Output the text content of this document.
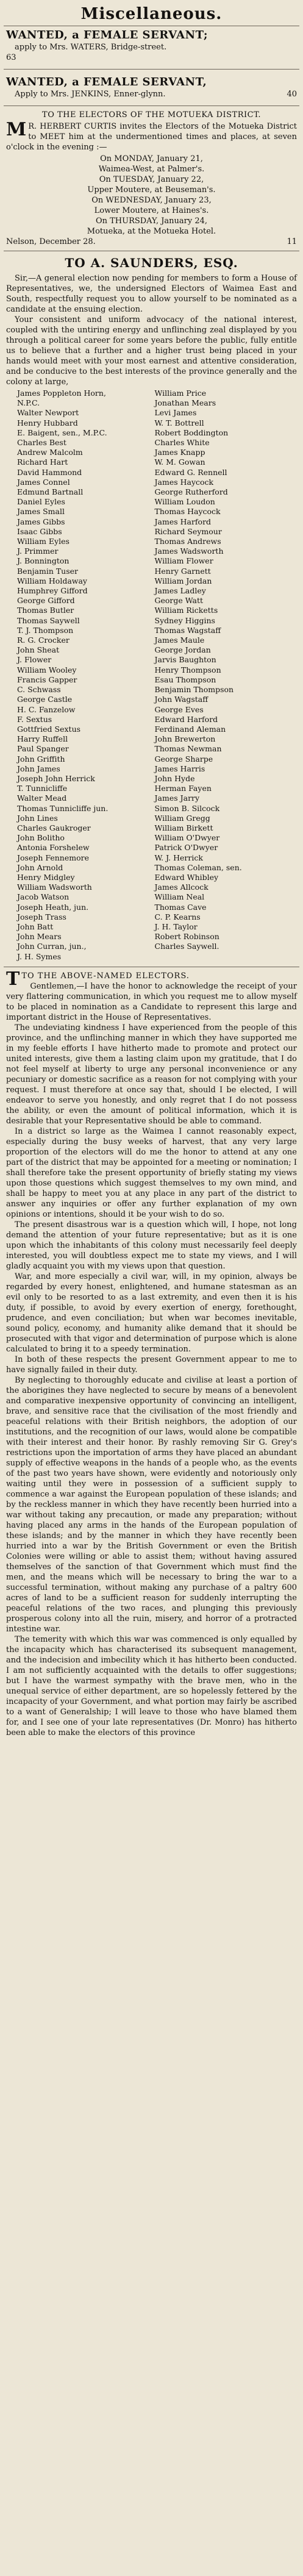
Miscellaneous.
WANTED, a FEMALE SERVANT;
apply to Mrs. WATERS, Bridge-street.
63
WANTED, a FEMALE SERVANT,
Apply to Mrs. JENKINS, Enner-glynn.	40
TO THE ELECTORS OF THE MOTUEKA DISTRICT.
M R. HERBERT CURTIS invites the Electors of the Motueka District to MEET him at the undermentioned times and places, at seven o'clock in the evening :—
On MONDAY, January 21,
Waimea-West, at Palmer's.
On TUESDAY, January 22,
Upper Moutere, at Beuseman's.
On WEDNESDAY, January 23,
Lower Moutere, at Haines's.
On THURSDAY, January 24,
Motueka, at the Motueka Hotel.
Nelson, December 28.	11
TO A. SAUNDERS, ESQ.

Sir,—A general election now pending for members to form a House of Representatives, we, the undersigned Electors of Waimea East and South, respectfully request you to allow yourself to be nominated as a candidate at the ensuing election.

Your consistent and uniform advocacy of the national interest, coupled with the untiring energy and unflinching zeal displayed by you through a political career for some years before the public, fully entitle us to believe that a further and a higher trust being placed in your hands would meet with your most earnest and attentive consideration, and be conducive to the best interests of the province generally and the colony at large,

James Poppleton Horn,
N.P.C.
Walter Newport
Henry Hubbard
E. Baigent, sen., M.P.C.
Charles Best
Andrew Malcolm
Richard Hart
David Hammond
James Connel
Edmund Bartnall
Daniel Eyles
James Small
James Gibbs
Isaac Gibbs
William Eyles
J. Primmer
J. Bonnington
Benjamin Tuser
William Holdaway
Humphrey Gifford
George Gifford
Thomas Butler
Thomas Saywell
T. J. Thompson
R. G. Crocker
John Sheat
J. Flower
William Wooley
Francis Gapper
C. Schwass
George Castle
H. C. Fanzelow
F. Sextus
Gottfried Sextus
Harry Ruffell
Paul Spanger
John Griffith
John James
Joseph John Herrick
T. Tunnicliffe
Walter Mead
Thomas Tunnicliffe jun.
John Lines
Charles Gaukroger
John Bolitho
Antonia Forshelew
Joseph Fennemore
John Arnold
Henry Midgley
William Wadsworth
Jacob Watson
Joseph Heath, jun.
Joseph Trass
John Batt
John Mears
John Curran, jun.,
J. H. Symes
William Price
Jonathan Mears
Levi James
W. T. Bottrell
Robert Boddington
Charles White
James Knapp
W. M. Gowan
Edward G. Rennell
James Haycock
George Rutherford
William Loudon
Thomas Haycock
James Harford
Richard Seymour
Thomas Andrews
James Wadsworth
William Flower
Henry Garnett
William Jordan
James Ladley
George Watt
William Ricketts
Sydney Higgins
Thomas Wagstaff
James Maule
George Jordan
Jarvis Baughton
Henry Thompson
Esau Thompson
Benjamin Thompson
John Wagstaff
George Eves
Edward Harford
Ferdinand Aleman
John Brewerton
Thomas Newman
George Sharpe
James Harris
John Hyde
Herman Fayen
James Jarry
Simon B. Silcock
William Gregg
William Birkett
William O'Dwyer
Patrick O'Dwyer
W. J. Herrick
Thomas Coleman, sen.
Edward Whibley
James Allcock
William Neal
Thomas Cave
C. P. Kearns
J. H. Taylor
Robert Robinson
Charles Saywell.
T TO THE ABOVE-NAMED ELECTORS.

Gentlemen,—I have the honor to acknowledge the receipt of your very flattering communication, in which you request me to allow myself to be placed in nomination as a Candidate to represent this large and important district in the House of Representatives.

The undeviating kindness I have experienced from the people of this province, and the unflinching manner in which they have supported me in my feeble efforts I have hitherto made to promote and protect our united interests, give them a lasting claim upon my gratitude, that I do not feel myself at liberty to urge any personal inconvenience or any pecuniary or domestic sacrifice as a reason for not complying with your request. I must therefore at once say that, should I be elected, I will endeavor to serve you honestly, and only regret that I do not possess the ability, or even the amount of political information, which it is desirable that your Representative should be able to command.

In a district so large as the Waimea I cannot reasonably expect, especially during the busy weeks of harvest, that any very large proportion of the electors will do me the honor to attend at any one part of the district that may be appointed for a meeting or nomination; I shall therefore take the present opportunity of briefly stating my views upon those questions which suggest themselves to my own mind, and shall be happy to meet you at any place in any part of the district to answer any inquiries or offer any further explanation of my own opinions or intentions, should it be your wish to do so.

The present disastrous war is a question which will, I hope, not long demand the attention of your future representative; but as it is one upon which the inhabitants of this colony must necessarily feel deeply interested, you will doubtless expect me to state my views, and I will gladly acquaint you with my views upon that question.

War, and more especially a civil war, will, in my opinion, always be regarded by every honest, enlightened, and humane statesman as an evil only to be resorted to as a last extremity, and even then it is his duty, if possible, to avoid by every exertion of energy, forethought, prudence, and even conciliation; but when war becomes inevitable, sound policy, economy, and humanity alike demand that it should be prosecuted with that vigor and determination of purpose which is alone calculated to bring it to a speedy termination.

In both of these respects the present Government appear to me to have signally failed in their duty.

By neglecting to thoroughly educate and civilise at least a portion of the aborigines they have neglected to secure by means of a benevolent and comparative inexpensive opportunity of convincing an intelligent, brave, and sensitive race that the civilisation of the most friendly and peaceful relations with their British neighbors, the adoption of our institutions, and the recognition of our laws, would alone be compatible with their interest and their honor. By rashly removing Sir G. Grey's restrictions upon the importation of arms they have placed an abundant supply of effective weapons in the hands of a people who, as the events of the past two years have shown, were evidently and notoriously only waiting until they were in possession of a sufficient supply to commence a war against the European population of these islands; and by the reckless manner in which they have recently been hurried into a war without taking any precaution, or made any preparation; without having placed any arms in the hands of the European population of these islands; and by the manner in which they have recently been hurried into a war by the British Government or even the British Colonies were willing or able to assist them; without having assured themselves of the sanction of that Government which must find the men, and the means which will be necessary to bring the war to a successful termination, without making any purchase of a paltry 600 acres of land to be a sufficient reason for suddenly interrupting the peaceful relations of the two races, and plunging this previously prosperous colony into all the ruin, misery, and horror of a protracted intestine war.

The temerity with which this war was commenced is only equalled by the incapacity which has characterised its subsequent management, and the indecision and imbecility which it has hitherto been conducted. I am not sufficiently acquainted with the details to offer suggestions; but I have the warmest sympathy with the brave men, who in the unequal service of either department, are so hopelessly fettered by the incapacity of your Government, and what portion may fairly be ascribed to a want of Generalship; I will leave to those who have blamed them for, and I see one of your late representatives (Dr. Monro) has hitherto been able to make the electors of this province
